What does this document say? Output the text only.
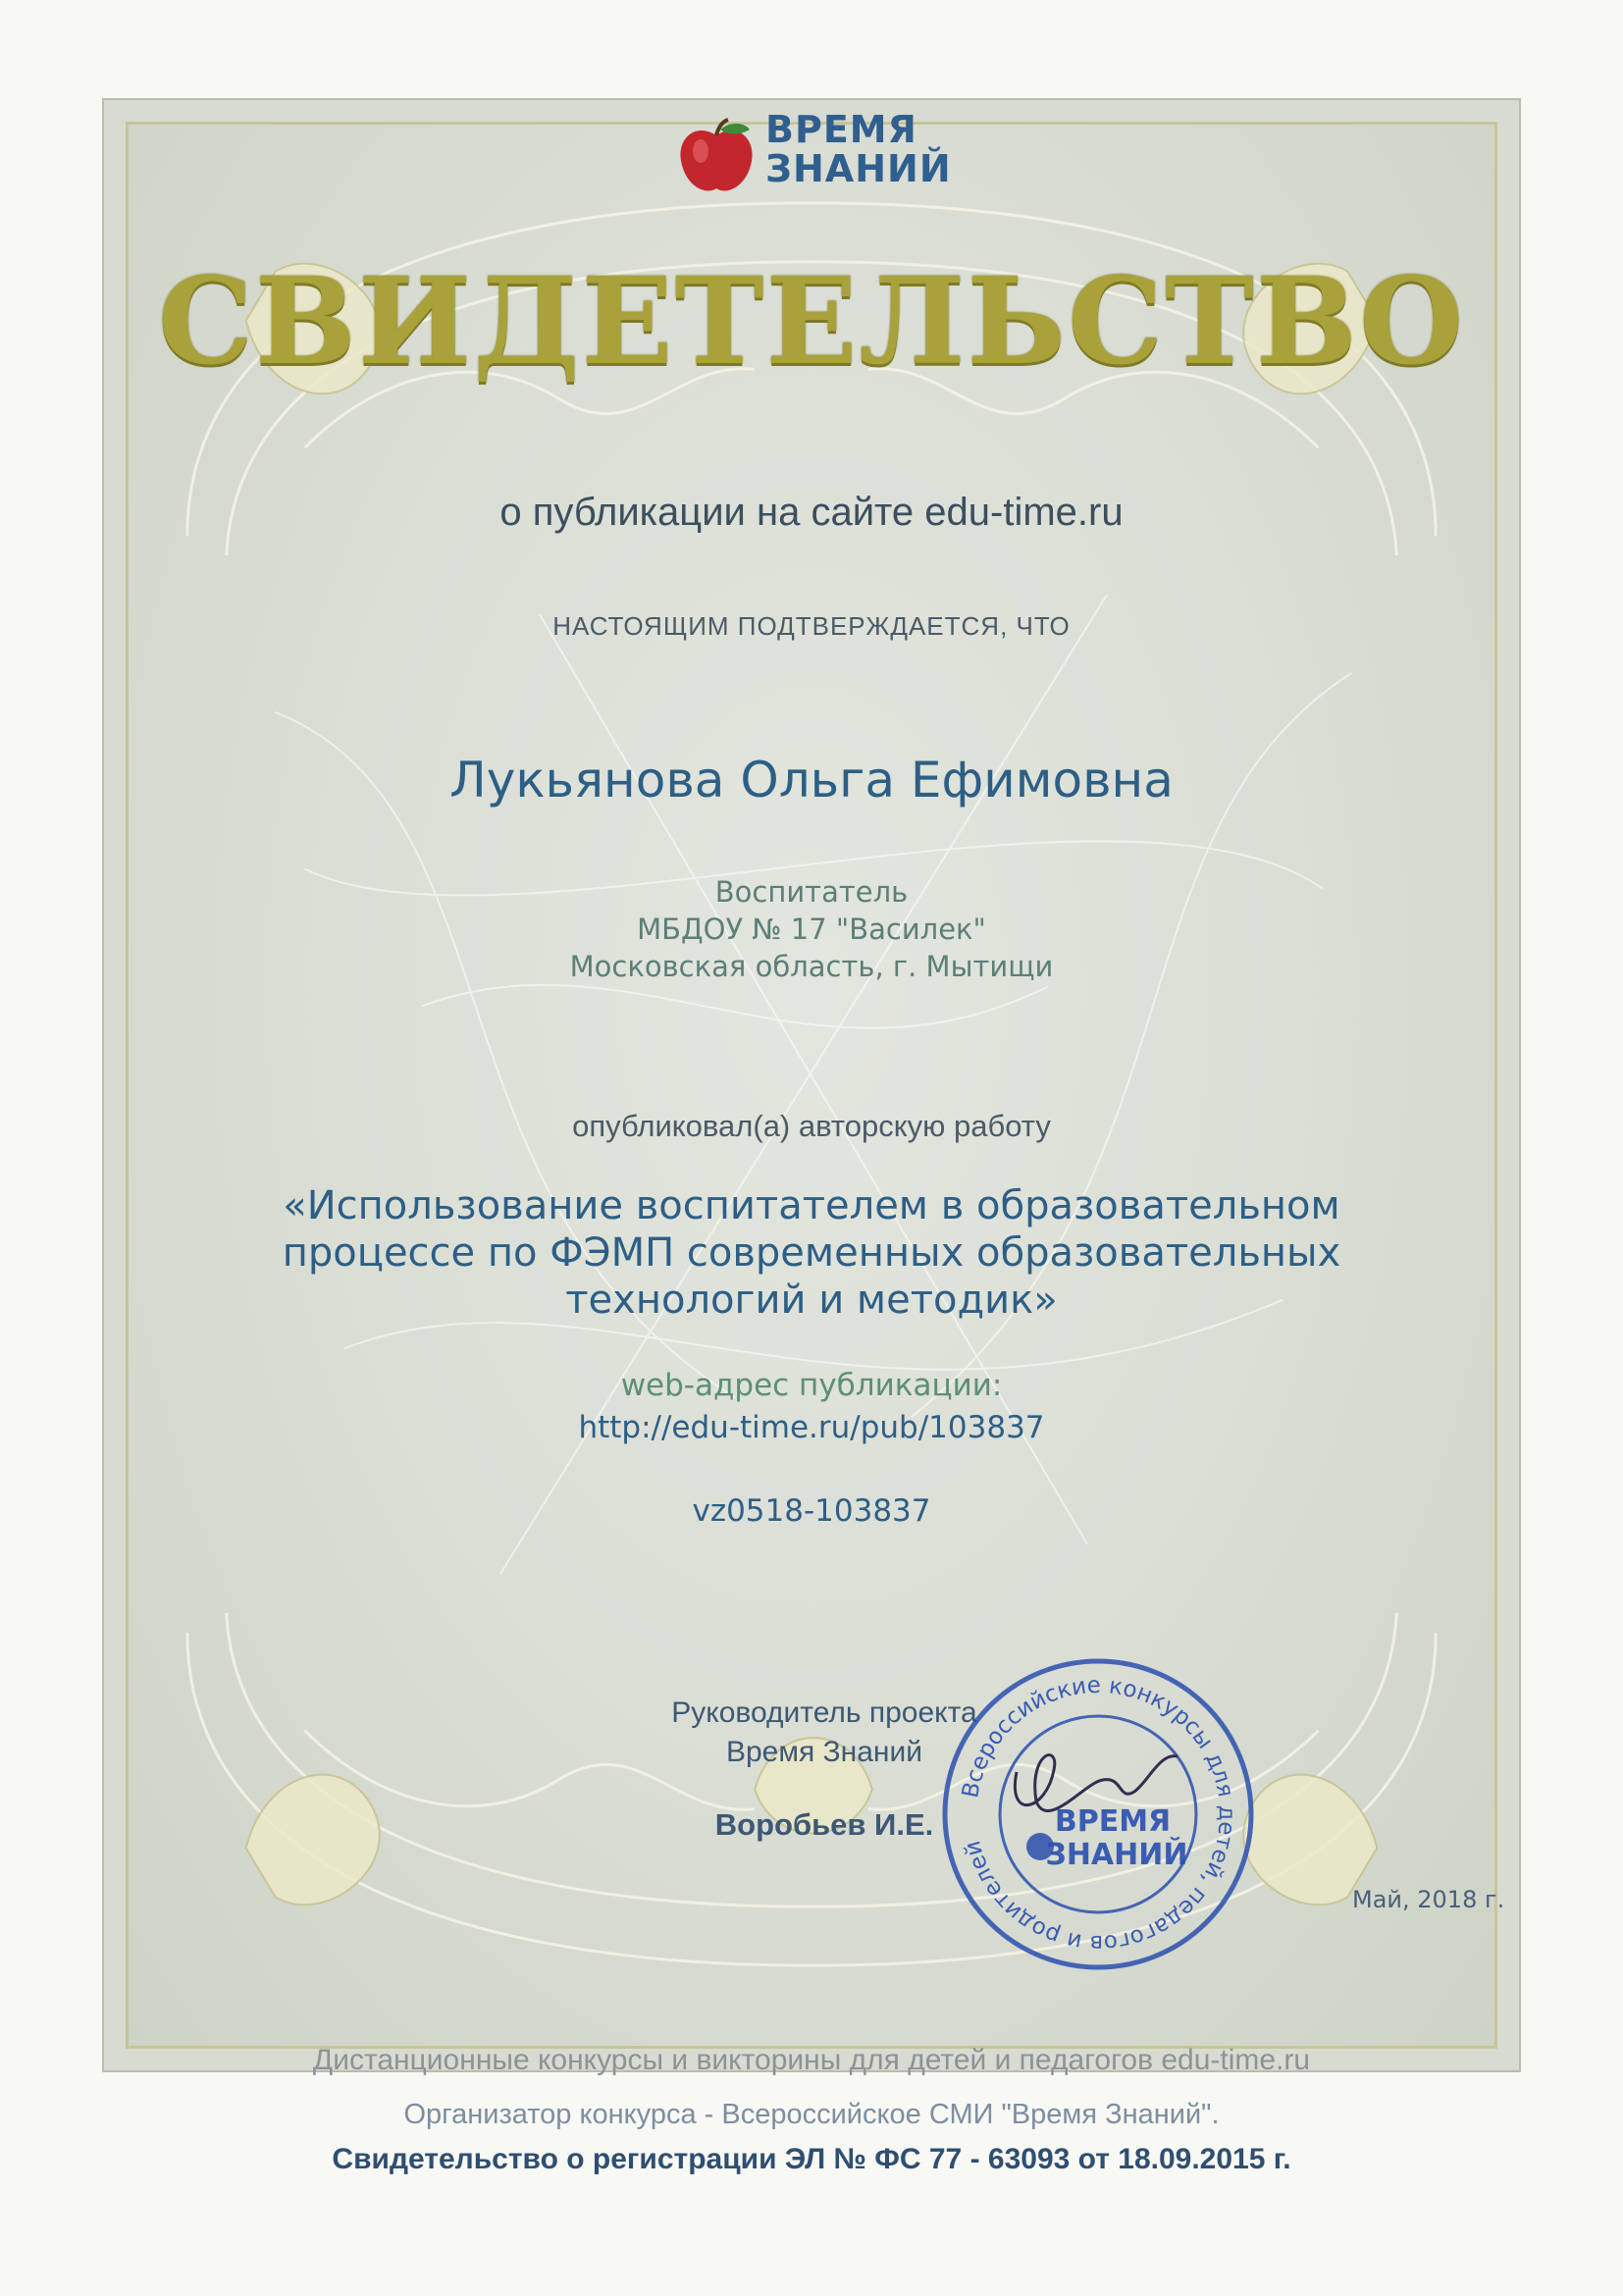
ВРЕМЯ
ЗНАНИЙ
СВИДЕТЕЛЬСТВО
о публикации на сайте edu-time.ru
НАСТОЯЩИМ ПОДТВЕРЖДАЕТСЯ, ЧТО
Лукьянова Ольга Ефимовна
Воспитатель
МБДОУ № 17 "Василек"
Московская область, г. Мытищи
опубликовал(а) авторскую работу
«Использование воспитателем в образовательном процессе по ФЭМП современных образовательных технологий и методик»
web-адрес публикации:
http://edu-time.ru/pub/103837
vz0518-103837
Руководитель проекта
Время Знаний
Воробьев И.Е.
Всероссийские конкурсы для детей, педагогов и родителей
ВРЕМЯ
ЗНАНИЙ
Май, 2018 г.
Дистанционные конкурсы и викторины для детей и педагогов edu-time.ru
Организатор конкурса - Всероссийское СМИ "Время Знаний".
Свидетельство о регистрации ЭЛ № ФС 77 - 63093 от 18.09.2015 г.
